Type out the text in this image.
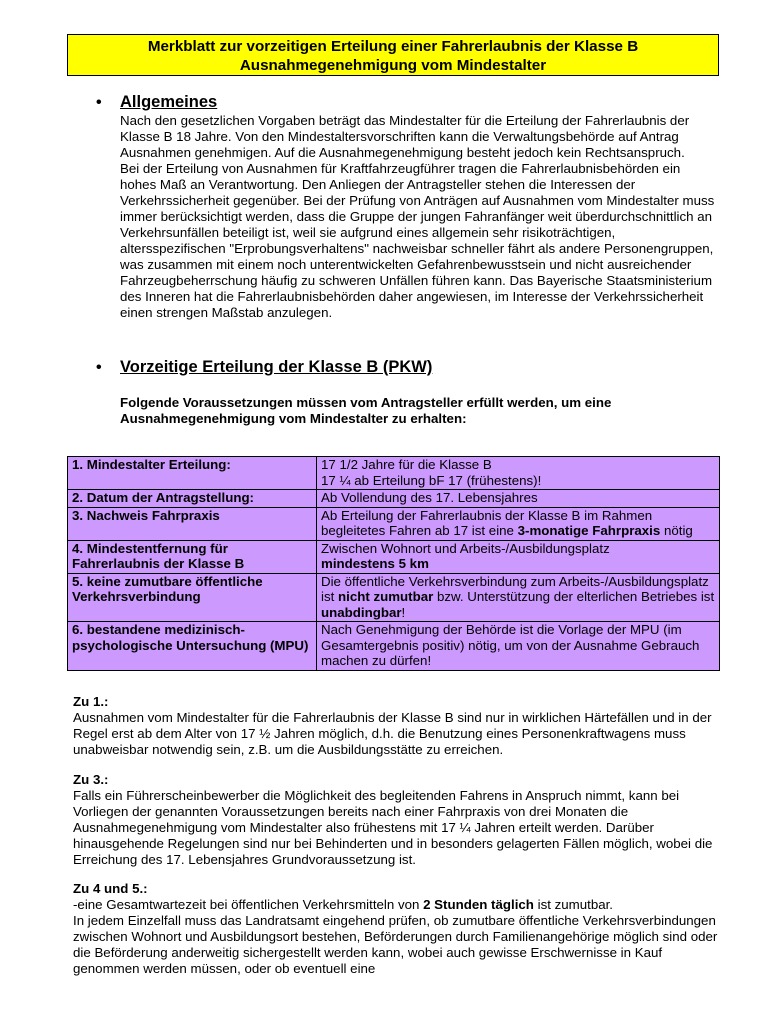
Merkblatt zur vorzeitigen Erteilung einer Fahrerlaubnis der Klasse B
Ausnahmegenehmigung vom Mindestalter
• Allgemeines

Nach den gesetzlichen Vorgaben beträgt das Mindestalter für die Erteilung der Fahrerlaubnis der Klasse B 18 Jahre. Von den Mindestaltersvorschriften kann die Verwaltungsbehörde auf Antrag Ausnahmen genehmigen. Auf die Ausnahmegenehmigung besteht jedoch kein Rechtsanspruch.

Bei der Erteilung von Ausnahmen für Kraftfahrzeugführer tragen die Fahrerlaubnisbehörden ein hohes Maß an Verantwortung. Den Anliegen der Antragsteller stehen die Interessen der Verkehrssicherheit gegenüber. Bei der Prüfung von Anträgen auf Ausnahmen vom Mindestalter muss immer berücksichtigt werden, dass die Gruppe der jungen Fahranfänger weit überdurchschnittlich an Verkehrsunfällen beteiligt ist, weil sie aufgrund eines allgemein sehr risikoträchtigen, altersspezifischen "Erprobungsverhaltens" nachweisbar schneller fährt als andere Personengruppen, was zusammen mit einem noch unterentwickelten Gefahrenbewusstsein und nicht ausreichender Fahrzeugbeherrschung häufig zu schweren Unfällen führen kann. Das Bayerische Staatsministerium des Inneren hat die Fahrerlaubnisbehörden daher angewiesen, im Interesse der Verkehrssicherheit einen strengen Maßstab anzulegen.

• Vorzeitige Erteilung der Klasse B (PKW)
Folgende Voraussetzungen müssen vom Antragsteller erfüllt werden, um eine Ausnahmegenehmigung vom Mindestalter zu erhalten:
1. Mindestalter Erteilung:	17 1/2 Jahre für die Klasse B
17 ¼ ab Erteilung bF 17 (frühestens)!

2. Datum der Antragstellung:	Ab Vollendung des 17. Lebensjahres
3. Nachweis Fahrpraxis	Ab Erteilung der Fahrerlaubnis der Klasse B im Rahmen begleitetes Fahren ab 17 ist eine 3-monatige Fahrpraxis nötig
4. Mindestentfernung für Fahrerlaubnis der Klasse B	Zwischen Wohnort und Arbeits-/Ausbildungsplatz
mindestens 5 km

5. keine zumutbare öffentliche Verkehrsverbindung	Die öffentliche Verkehrsverbindung zum Arbeits-/Ausbildungsplatz ist nicht zumutbar bzw. Unterstützung der elterlichen Betriebes ist unabdingbar!
6. bestandene medizinisch-psychologische Untersuchung (MPU)	Nach Genehmigung der Behörde ist die Vorlage der MPU (im Gesamtergebnis positiv) nötig, um von der Ausnahme Gebrauch machen zu dürfen!

Zu 1.:

Ausnahmen vom Mindestalter für die Fahrerlaubnis der Klasse B sind nur in wirklichen Härtefällen und in der Regel erst ab dem Alter von 17 ½ Jahren möglich, d.h. die Benutzung eines Personenkraftwagens muss unabweisbar notwendig sein, z.B. um die Ausbildungsstätte zu erreichen.

Zu 3.:

Falls ein Führerscheinbewerber die Möglichkeit des begleitenden Fahrens in Anspruch nimmt, kann bei Vorliegen der genannten Voraussetzungen bereits nach einer Fahrpraxis von drei Monaten die Ausnahmegenehmigung vom Mindestalter also frühestens mit 17 ¼ Jahren erteilt werden. Darüber hinausgehende Regelungen sind nur bei Behinderten und in besonders gelagerten Fällen möglich, wobei die Erreichung des 17. Lebensjahres Grundvoraussetzung ist.

Zu 4 und 5.:

-eine Gesamtwartezeit bei öffentlichen Verkehrsmitteln von 2 Stunden täglich ist zumutbar.

In jedem Einzelfall muss das Landratsamt eingehend prüfen, ob zumutbare öffentliche Verkehrsverbindungen zwischen Wohnort und Ausbildungsort bestehen, Beförderungen durch Familienangehörige möglich sind oder die Beförderung anderweitig sichergestellt werden kann, wobei auch gewisse Erschwernisse in Kauf genommen werden müssen, oder ob eventuell eine
